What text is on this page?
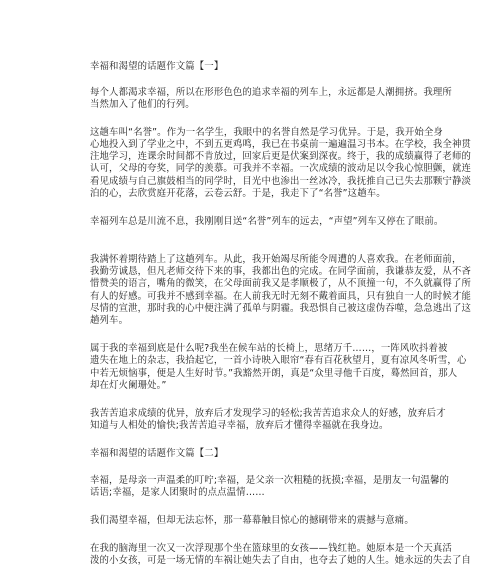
幸福和渴望的话题作文篇【一】
每个人都渴求幸福，所以在形形色色的追求幸福的列车上，永远都是人潮拥挤。我理所
当然加入了他们的行列。
这趟车叫“名誉”。作为一名学生，我眼中的名誉自然是学习优异。于是，我开始全身
心地投入到了学业之中，不到五更鸡鸣，我已在书桌前一遍遍温习书本。在学校，我全神贯
注地学习，连课余时间都不肯放过，回家后更是伏案到深夜。终于，我的成绩赢得了老师的
认可，父母的夸奖，同学的羡慕。可我并不幸福。一次成绩的波动足以令我心惊胆颤，就连
看见成绩与自己旗鼓相当的同学时，目光中也渗出一丝冰冷，我抚推自己已失去那颗宁静淡
泊的心，去欣赏庭开花落，云卷云舒。于是，我走下了“名誉”这趟车。
幸福列车总是川流不息，我刚刚目送“名誉”列车的远去，“声望”列车又停在了眼前。
我满怀着期待踏上了这趟列车。从此，我开始竭尽所能令周遭的人喜欢我。在老师面前，
我勤劳诚恳，但凡老师交待下来的事，我都出色的完成。在同学面前，我谦恭友爱，从不吝
惜赞美的语言，嘴角的微笑，在父母面前我又是孝顺极了，从不顶撞一句，不久就赢得了所
有人的好感。可我并不感到幸福。在人前我无时无刻不戴着面具，只有独自一人的时候才能
尽情的宣泄，那时我的心中便注满了孤单与阴霾。我恐惧自己被这虚伪吞噬，急急逃出了这
趟列车。
属于我的幸福到底是什么呢?我坐在候车站的长椅上，思绪万千……，一阵风吹抖着被
遗失在地上的杂志，我拾起它，一首小诗映入眼帘“春有百花秋望月，夏有凉风冬听雪，心
中若无烦恼事，便是人生好时节。”我豁然开朗，真是“众里寻他千百度，蓦然回首，那人
却在灯火阑珊处。”
我苦苦追求成绩的优异，放弃后才发现学习的轻松;我苦苦追求众人的好感，放弃后才
知道与人相处的愉快;我苦苦追寻幸福，放弃后才懂得幸福就在我身边。
幸福和渴望的话题作文篇【二】
幸福，是母亲一声温柔的叮咛;幸福，是父亲一次粗糙的抚摸;幸福，是朋友一句温馨的
话语;幸福，是家人团聚时的点点温情……
我们渴望幸福，但却无法忘怀，那一幕幕触目惊心的撼刷带来的震撼与意痛。
在我的脑海里一次又一次浮现那个坐在篮球里的女孩——钱红艳。她原本是一个天真活
泼的小女孩，可是一场无情的车祸让她失去了自由，也夺去了她的人生。她永远的失去了自
